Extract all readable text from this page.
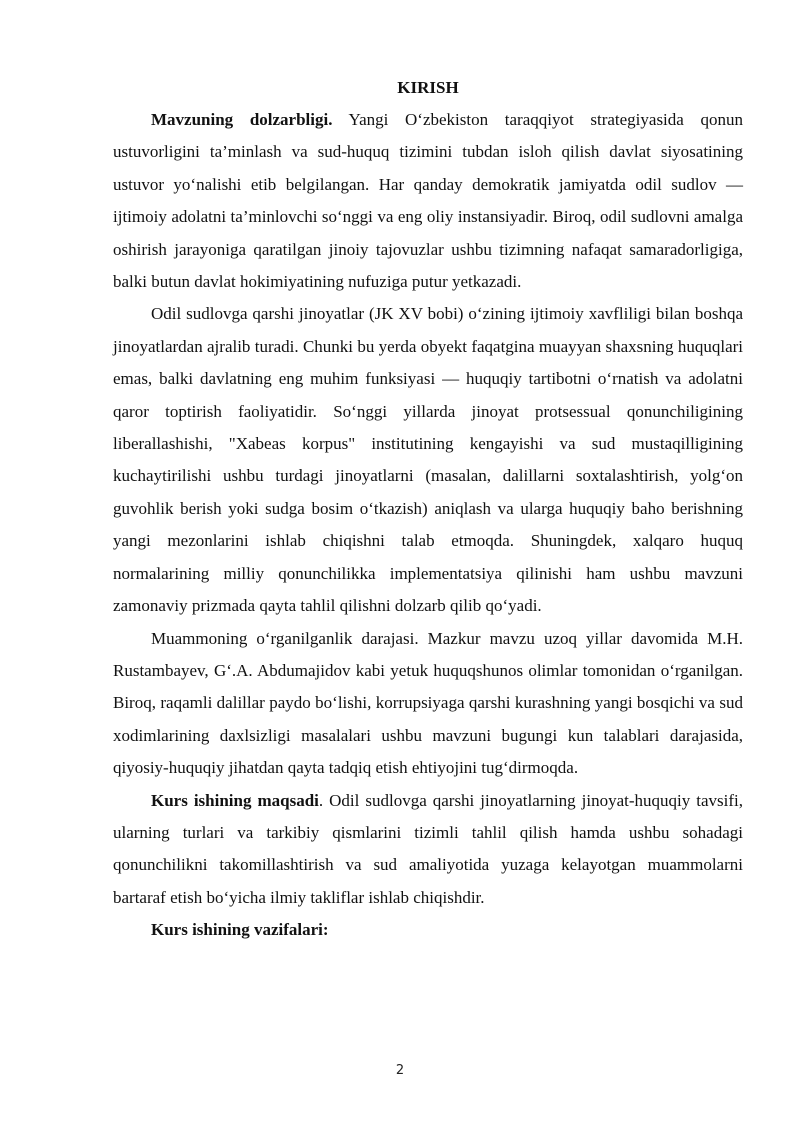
KIRISH

Mavzuning dolzarbligi. Yangi O‘zbekiston taraqqiyot strategiyasida qonun ustuvorligini ta’minlash va sud-huquq tizimini tubdan isloh qilish davlat siyosatining ustuvor yo‘nalishi etib belgilangan. Har qanday demokratik jamiyatda odil sudlov — ijtimoiy adolatni ta’minlovchi so‘nggi va eng oliy instansiyadir. Biroq, odil sudlovni amalga oshirish jarayoniga qaratilgan jinoiy tajovuzlar ushbu tizimning nafaqat samaradorligiga, balki butun davlat hokimiyatining nufuziga putur yetkazadi.

Odil sudlovga qarshi jinoyatlar (JK XV bobi) o‘zining ijtimoiy xavfliligi bilan boshqa jinoyatlardan ajralib turadi. Chunki bu yerda obyekt faqatgina muayyan shaxsning huquqlari emas, balki davlatning eng muhim funksiyasi — huquqiy tartibotni o‘rnatish va adolatni qaror toptirish faoliyatidir. So‘nggi yillarda jinoyat protsessual qonunchiligining liberallashishi, "Xabeas korpus" institutining kengayishi va sud mustaqilligining kuchaytirilishi ushbu turdagi jinoyatlarni (masalan, dalillarni soxtalashtirish, yolg‘on guvohlik berish yoki sudga bosim o‘tkazish) aniqlash va ularga huquqiy baho berishning yangi mezonlarini ishlab chiqishni talab etmoqda. Shuningdek, xalqaro huquq normalarining milliy qonunchilikka implementatsiya qilinishi ham ushbu mavzuni zamonaviy prizmada qayta tahlil qilishni dolzarb qilib qo‘yadi.

Muammoning o‘rganilganlik darajasi. Mazkur mavzu uzoq yillar davomida M.H. Rustambayev, G‘.A. Abdumajidov kabi yetuk huquqshunos olimlar tomonidan o‘rganilgan. Biroq, raqamli dalillar paydo bo‘lishi, korrupsiyaga qarshi kurashning yangi bosqichi va sud xodimlarining daxlsizligi masalalari ushbu mavzuni bugungi kun talablari darajasida, qiyosiy-huquqiy jihatdan qayta tadqiq etish ehtiyojini tug‘dirmoqda.

Kurs ishining maqsadi. Odil sudlovga qarshi jinoyatlarning jinoyat-huquqiy tavsifi, ularning turlari va tarkibiy qismlarini tizimli tahlil qilish hamda ushbu sohadagi qonunchilikni takomillashtirish va sud amaliyotida yuzaga kelayotgan muammolarni bartaraf etish bo‘yicha ilmiy takliflar ishlab chiqishdir.

Kurs ishining vazifalari:

2
